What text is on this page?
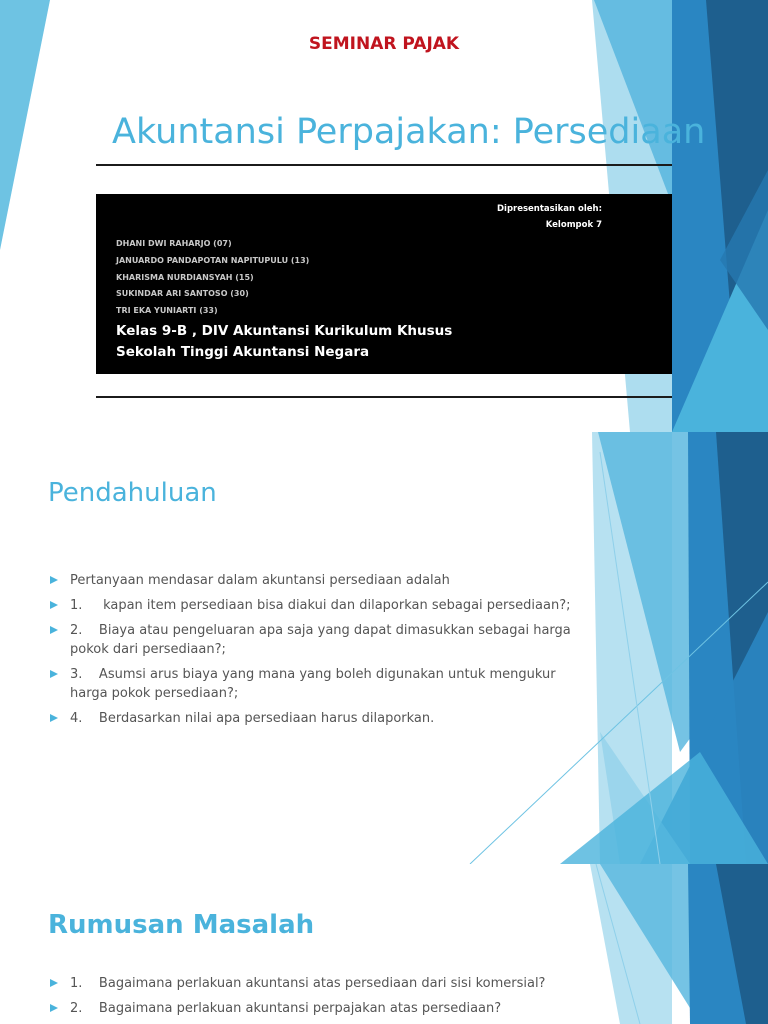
SEMINAR PAJAK
Akuntansi Perpajakan: Persediaan
Dipresentasikan oleh:
Kelompok 7
DHANI DWI RAHARJO (07)
JANUARDO PANDAPOTAN NAPITUPULU (13)
KHARISMA NURDIANSYAH (15)
SUKINDAR ARI SANTOSO (30)
TRI EKA YUNIARTI (33)
Kelas 9-B , DIV Akuntansi Kurikulum Khusus
Sekolah Tinggi Akuntansi Negara
Pendahuluan
Pertanyaan mendasar dalam akuntansi persediaan adalah
1.     kapan item persediaan bisa diakui dan dilaporkan sebagai persediaan?;
2.    Biaya atau pengeluaran apa saja yang dapat dimasukkan sebagai harga pokok dari persediaan?;
3.    Asumsi arus biaya yang mana yang boleh digunakan untuk mengukur harga pokok persediaan?;
4.    Berdasarkan nilai apa persediaan harus dilaporkan.
Rumusan Masalah
1.    Bagaimana perlakuan akuntansi atas persediaan dari sisi komersial?
2.    Bagaimana perlakuan akuntansi perpajakan atas persediaan?
